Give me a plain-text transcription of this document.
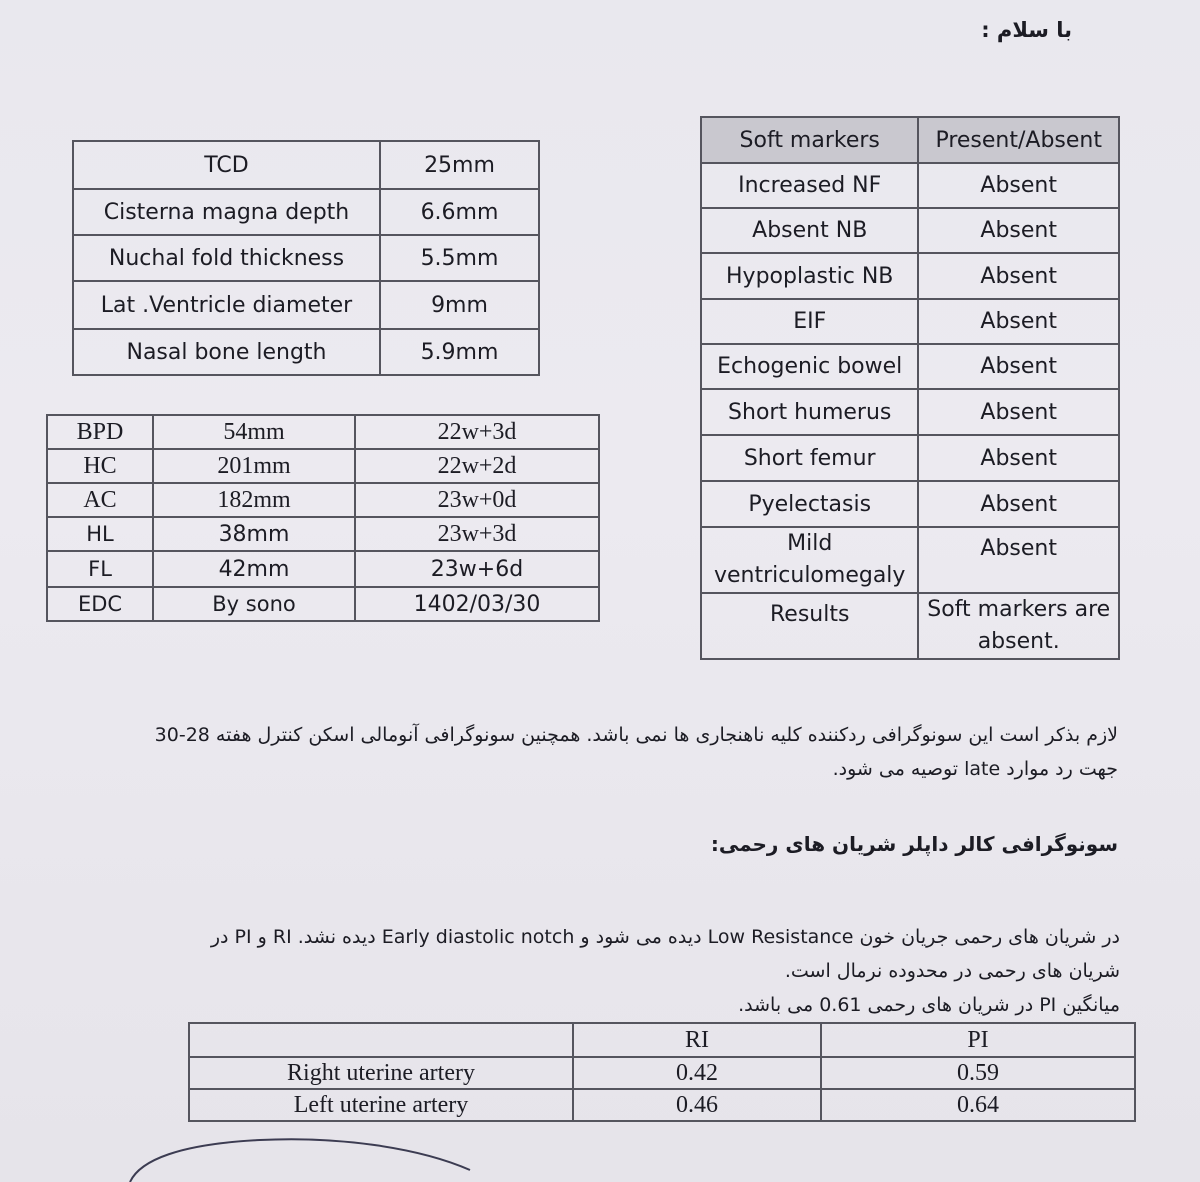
با سلام :
TCD	25mm
Cisterna magna depth	6.6mm
Nuchal fold thickness	5.5mm
Lat .Ventricle diameter	9mm
Nasal bone length	5.9mm
BPD	54mm	22w+3d
HC	201mm	22w+2d
AC	182mm	23w+0d
HL	38mm	23w+3d
FL	42mm	23w+6d
EDC	By sono	1402/03/30
Soft markers	Present/Absent
Increased NF	Absent
Absent NB	Absent
Hypoplastic NB	Absent
EIF	Absent
Echogenic bowel	Absent
Short humerus	Absent
Short femur	Absent
Pyelectasis	Absent
Mild ventriculomegaly	Absent
Results	Soft markers are absent.
لازم بذکر است این سونوگرافی ردکننده کلیه ناهنجاری ها نمی باشد. همچنین سونوگرافی آنومالی اسکن کنترل هفته 28-30
جهت رد موارد late توصیه می شود.
سونوگرافی کالر داپلر شریان های رحمی:
در شریان های رحمی جریان خون Low Resistance دیده می شود و Early diastolic notch دیده نشد. RI و PI در
شریان های رحمی در محدوده نرمال است.
میانگین PI در شریان های رحمی 0.61 می باشد.
	RI	PI
Right uterine artery	0.42	0.59
Left uterine artery	0.46	0.64
